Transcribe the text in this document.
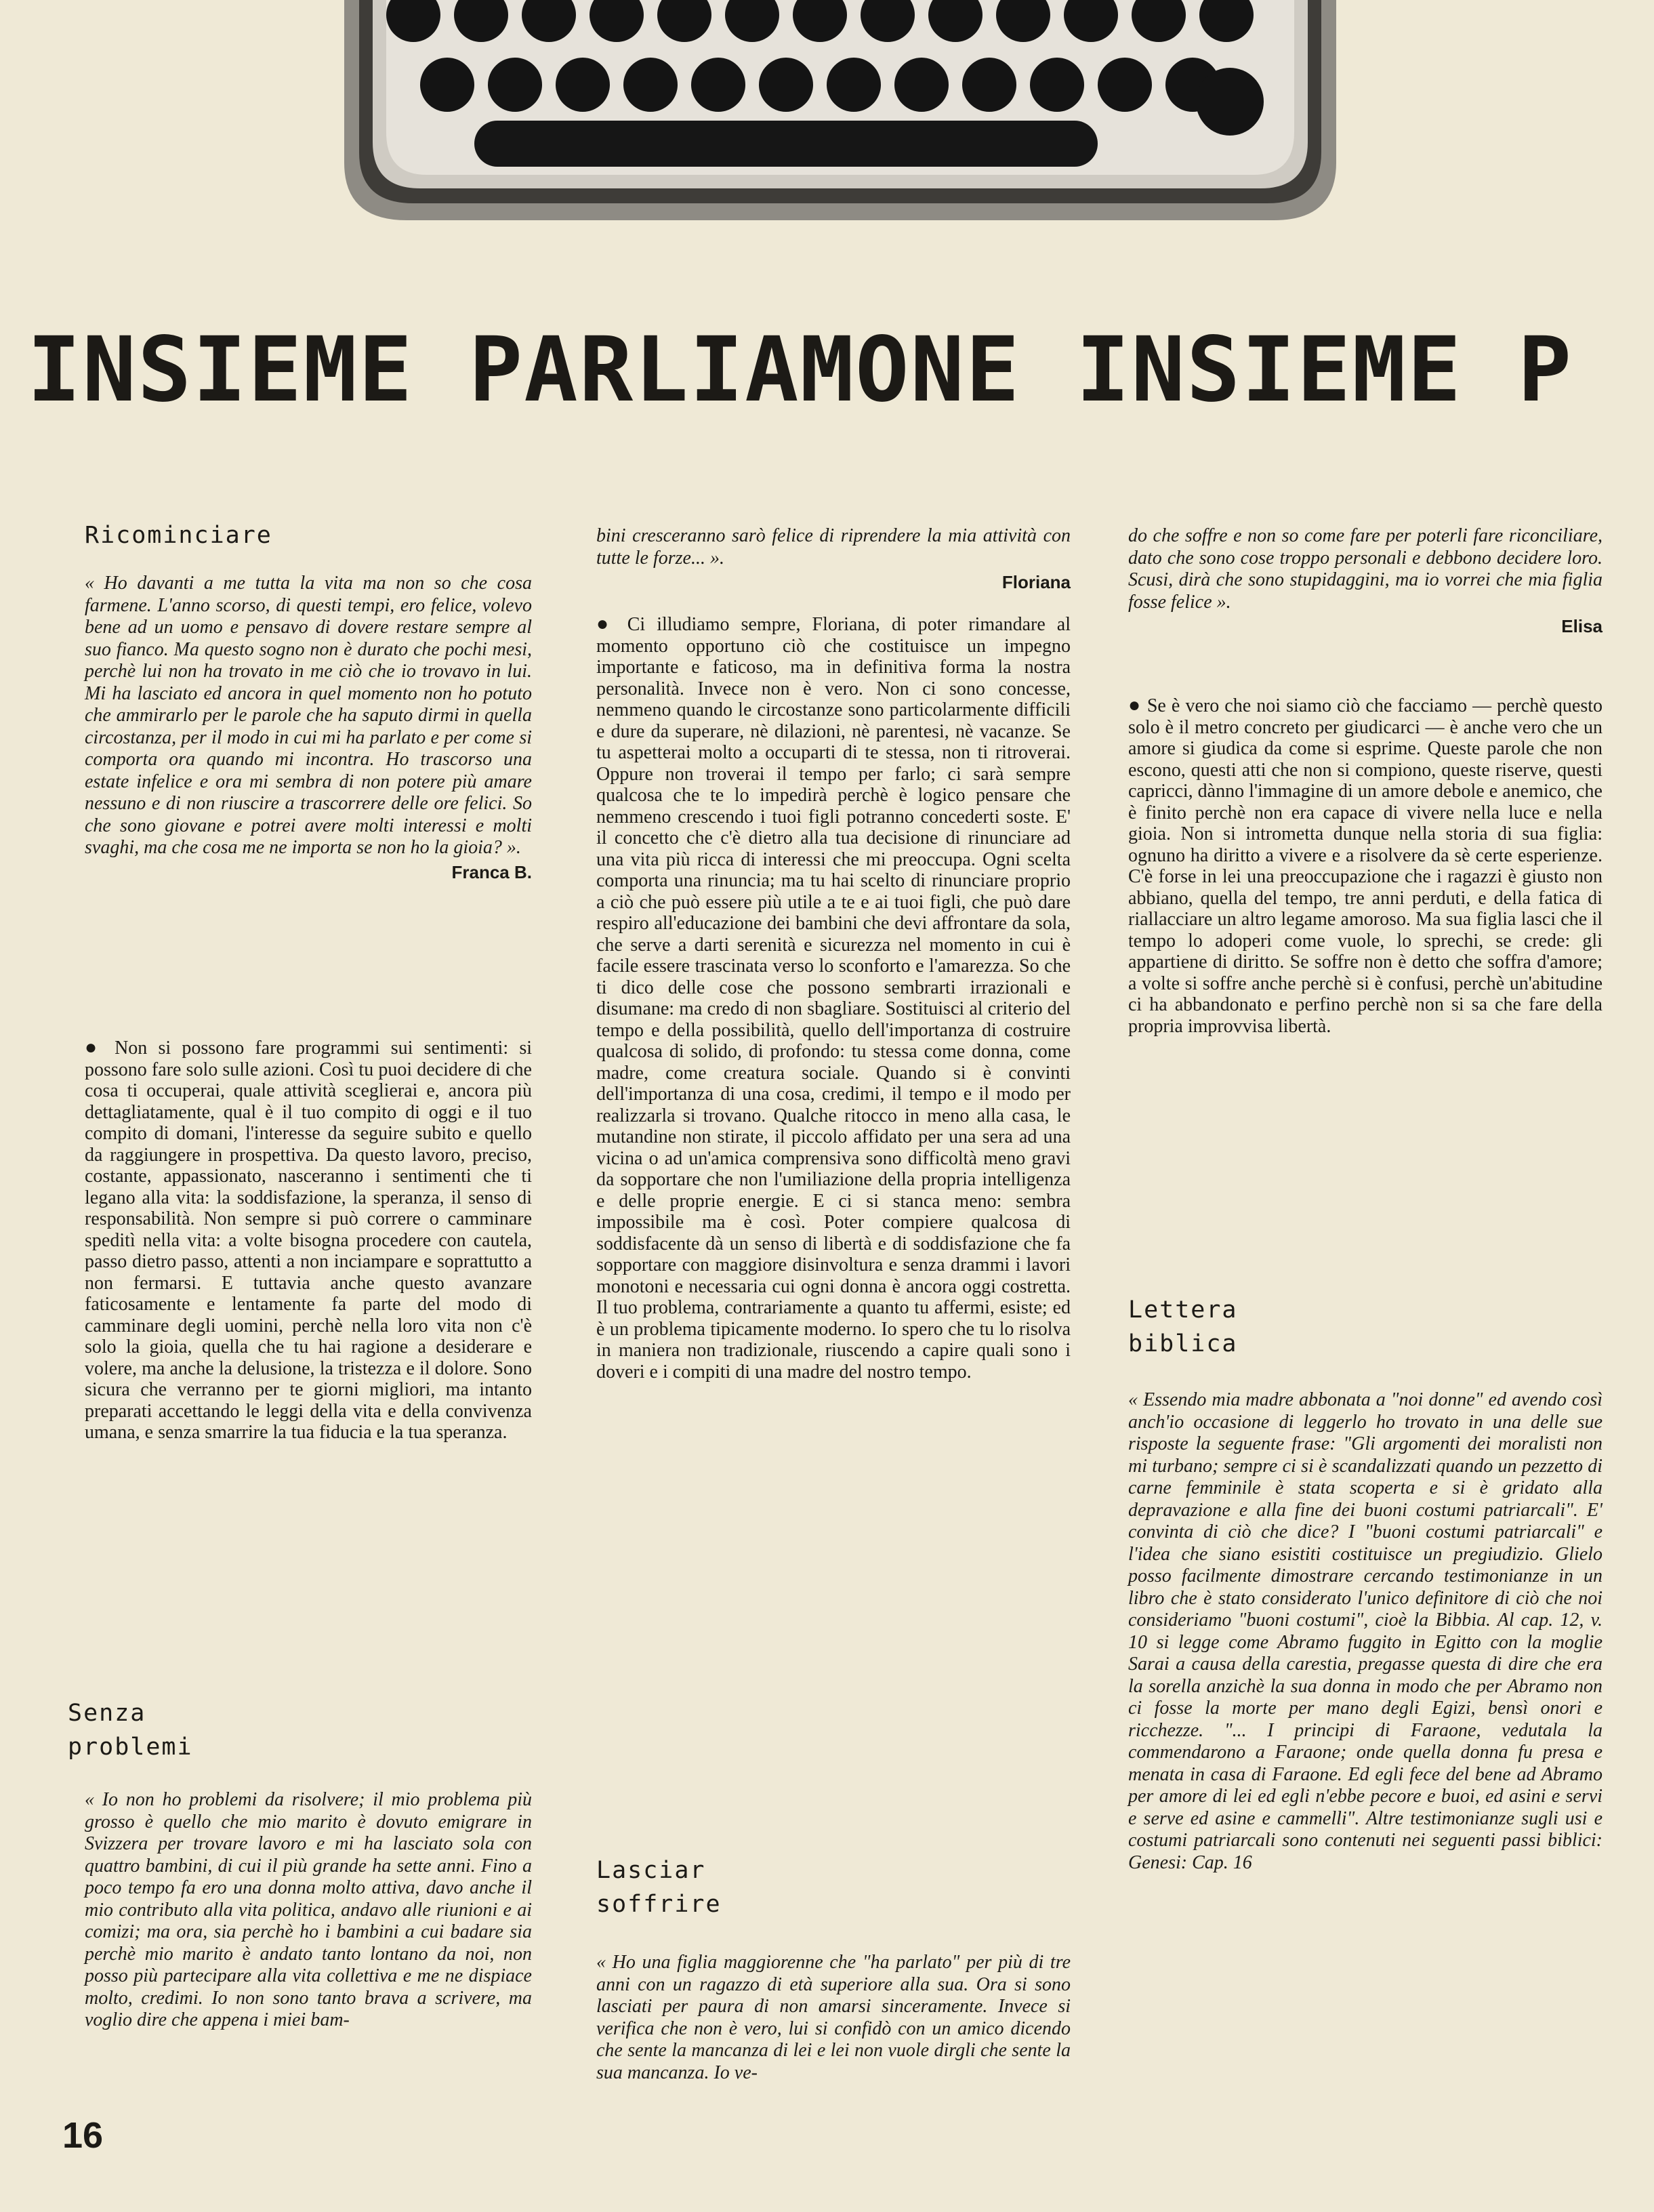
INSIEME PARLIAMONE INSIEME P

Ricominciare

« Ho davanti a me tutta la vita ma non so che cosa farmene. L'anno scorso, di questi tempi, ero felice, volevo bene ad un uomo e pensavo di dovere restare sempre al suo fianco. Ma questo sogno non è durato che pochi mesi, perchè lui non ha trovato in me ciò che io trovavo in lui. Mi ha lasciato ed ancora in quel momento non ho potuto che ammirarlo per le parole che ha saputo dirmi in quella circostanza, per il modo in cui mi ha parlato e per come si comporta ora quando mi incontra. Ho trascorso una estate infelice e ora mi sembra di non potere più amare nessuno e di non riuscire a trascorrere delle ore felici. So che sono giovane e potrei avere molti interessi e molti svaghi, ma che cosa me ne importa se non ho la gioia? ».

Franca B.

● Non si possono fare programmi sui sentimenti: si possono fare solo sulle azioni. Così tu puoi decidere di che cosa ti occuperai, quale attività sceglierai e, ancora più dettagliatamente, qual è il tuo compito di oggi e il tuo compito di domani, l'interesse da seguire subito e quello da raggiungere in prospettiva. Da questo lavoro, preciso, costante, appassionato, nasceranno i sentimenti che ti legano alla vita: la soddisfazione, la speranza, il senso di responsabilità. Non sempre si può correre o camminare speditì nella vita: a volte bisogna procedere con cautela, passo dietro passo, attenti a non inciampare e soprattutto a non fermarsi. E tuttavia anche questo avanzare faticosamente e lentamente fa parte del modo di camminare degli uomini, perchè nella loro vita non c'è solo la gioia, quella che tu hai ragione a desiderare e volere, ma anche la delusione, la tristezza e il dolore. Sono sicura che verranno per te giorni migliori, ma intanto preparati accettando le leggi della vita e della convivenza umana, e senza smarrire la tua fiducia e la tua speranza.

Senza

problemi

« Io non ho problemi da risolvere; il mio problema più grosso è quello che mio marito è dovuto emigrare in Svizzera per trovare lavoro e mi ha lasciato sola con quattro bambini, di cui il più grande ha sette anni. Fino a poco tempo fa ero una donna molto attiva, davo anche il mio contributo alla vita politica, andavo alle riunioni e ai comizi; ma ora, sia perchè ho i bambini a cui badare sia perchè mio marito è andato tanto lontano da noi, non posso più partecipare alla vita collettiva e me ne dispiace molto, credimi. Io non sono tanto brava a scrivere, ma voglio dire che appena i miei bam-

bini cresceranno sarò felice di riprendere la mia attività con tutte le forze... ».

Floriana

● Ci illudiamo sempre, Floriana, di poter rimandare al momento opportuno ciò che costituisce un impegno importante e faticoso, ma in definitiva forma la nostra personalità. Invece non è vero. Non ci sono concesse, nemmeno quando le circostanze sono particolarmente difficili e dure da superare, nè dilazioni, nè parentesi, nè vacanze. Se tu aspetterai molto a occuparti di te stessa, non ti ritroverai. Oppure non troverai il tempo per farlo; ci sarà sempre qualcosa che te lo impedirà perchè è logico pensare che nemmeno crescendo i tuoi figli potranno concederti soste. E' il concetto che c'è dietro alla tua decisione di rinunciare ad una vita più ricca di interessi che mi preoccupa. Ogni scelta comporta una rinuncia; ma tu hai scelto di rinunciare proprio a ciò che può essere più utile a te e ai tuoi figli, che può dare respiro all'educazione dei bambini che devi affrontare da sola, che serve a darti serenità e sicurezza nel momento in cui è facile essere trascinata verso lo sconforto e l'amarezza. So che ti dico delle cose che possono sembrarti irrazionali e disumane: ma credo di non sbagliare. Sostituisci al criterio del tempo e della possibilità, quello dell'importanza di costruire qualcosa di solido, di profondo: tu stessa come donna, come madre, come creatura sociale. Quando si è convinti dell'importanza di una cosa, credimi, il tempo e il modo per realizzarla si trovano. Qualche ritocco in meno alla casa, le mutandine non stirate, il piccolo affidato per una sera ad una vicina o ad un'amica comprensiva sono difficoltà meno gravi da sopportare che non l'umiliazione della propria intelligenza e delle proprie energie. E ci si stanca meno: sembra impossibile ma è così. Poter compiere qualcosa di soddisfacente dà un senso di libertà e di soddisfazione che fa sopportare con maggiore disinvoltura e senza drammi i lavori monotoni e necessaria cui ogni donna è ancora oggi costretta. Il tuo problema, contrariamente a quanto tu affermi, esiste; ed è un problema tipicamente moderno. Io spero che tu lo risolva in maniera non tradizionale, riuscendo a capire quali sono i doveri e i compiti di una madre del nostro tempo.

Lasciar

soffrire

« Ho una figlia maggiorenne che "ha parlato" per più di tre anni con un ragazzo di età superiore alla sua. Ora si sono lasciati per paura di non amarsi sinceramente. Invece si verifica che non è vero, lui si confidò con un amico dicendo che sente la mancanza di lei e lei non vuole dirgli che sente la sua mancanza. Io ve-

do che soffre e non so come fare per poterli fare riconciliare, dato che sono cose troppo personali e debbono decidere loro. Scusi, dirà che sono stupidaggini, ma io vorrei che mia figlia fosse felice ».

Elisa

● Se è vero che noi siamo ciò che facciamo — perchè questo solo è il metro concreto per giudicarci — è anche vero che un amore si giudica da come si esprime. Queste parole che non escono, questi atti che non si compiono, queste riserve, questi capricci, dànno l'immagine di un amore debole e anemico, che è finito perchè non era capace di vivere nella luce e nella gioia. Non si intrometta dunque nella storia di sua figlia: ognuno ha diritto a vivere e a risolvere da sè certe esperienze. C'è forse in lei una preoccupazione che i ragazzi è giusto non abbiano, quella del tempo, tre anni perduti, e della fatica di riallacciare un altro legame amoroso. Ma sua figlia lasci che il tempo lo adoperi come vuole, lo sprechi, se crede: gli appartiene di diritto. Se soffre non è detto che soffra d'amore; a volte si soffre anche perchè si è confusi, perchè un'abitudine ci ha abbandonato e perfino perchè non si sa che fare della propria improvvisa libertà.

Lettera

biblica

« Essendo mia madre abbonata a "noi donne" ed avendo così anch'io occasione di leggerlo ho trovato in una delle sue risposte la seguente frase: "Gli argomenti dei moralisti non mi turbano; sempre ci si è scandalizzati quando un pezzetto di carne femminile è stata scoperta e si è gridato alla depravazione e alla fine dei buoni costumi patriarcali". E' convinta di ciò che dice? I "buoni costumi patriarcali" e l'idea che siano esistiti costituisce un pregiudizio. Glielo posso facilmente dimostrare cercando testimonianze in un libro che è stato considerato l'unico definitore di ciò che noi consideriamo "buoni costumi", cioè la Bibbia. Al cap. 12, v. 10 si legge come Abramo fuggito in Egitto con la moglie Sarai a causa della carestia, pregasse questa di dire che era la sorella anzichè la sua donna in modo che per Abramo non ci fosse la morte per mano degli Egizi, bensì onori e ricchezze. "... I principi di Faraone, vedutala la commendarono a Faraone; onde quella donna fu presa e menata in casa di Faraone. Ed egli fece del bene ad Abramo per amore di lei ed egli n'ebbe pecore e buoi, ed asini e servi e serve ed asine e cammelli". Altre testimonianze sugli usi e costumi patriarcali sono contenuti nei seguenti passi biblici: Genesi: Cap. 16

16
